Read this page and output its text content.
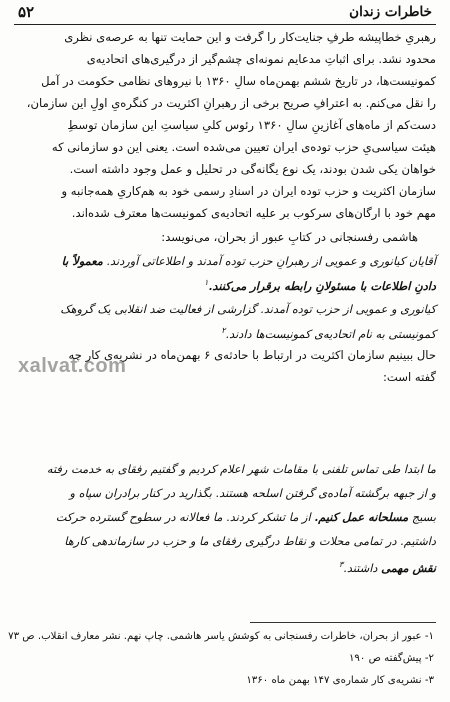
۵۲	خاطرات زندان
رهبریِ خطاپیشه طرفِ جنایت‌کار را گرفت و این حمایت تنها به عرصه‌ی نظری
محدود نشد. برای اثباتِ مدعایم نمونه‌ای چشم‌گیر از درگیری‌های اتحادیه‌ی
کمونیست‌ها، در تاریخ ششم بهمن‌ماه سالِ ۱۳۶۰ با نیروهای نظامی حکومت در آمل
را نقل می‌کنم. به اعترافِ صریح برخی از رهبرانِ اکثریت در کنگره‌یِ اولِ این سازمان،
دست‌کم از ماه‌های آغازینِ سالِ ۱۳۶۰ رئوس کلیِ سیاستِ این سازمان توسطِ
هیئت سیاسی‌یِ حزب توده‌ی ایران تعیین می‌شده است. یعنی این دو سازمانی که
خواهان یکی شدن بودند، یک نوع یگانه‌گی در تحلیل و عمل وجود داشته است.
سازمان اکثریت و حزب توده ایران در اسنادِ رسمی خود به هم‌کاریِ همه‌جانبه و
مهم خود با ارگان‌های سرکوب بر علیه اتحادیه‌ی کمونیست‌ها معترف شده‌اند.
هاشمی رفسنجانی در کتابِ عبور از بحران، می‌نویسد:
آقایان کیانوری و عمویی از رهبرانِ حزب توده آمدند و اطلاعاتی آوردند. معمولاً با
دادنِ اطلاعات با مسئولانِ رابطه برقرار می‌کنند.$^۱$
کیانوری و عمویی از حزب توده آمدند. گزارشی از فعالیت ضد انقلابی یک گروهک
کمونیستی به نام اتحادیه‌ی کمونیست‌ها دادند.$^۲$
حال ببینیم سازمان اکثریت در ارتباط با حادثه‌ی ۶ بهمن‌ماه در نشریه‌ی کار چه
گفته است:
ما ابتدا طی تماس تلفنی با مقامات شهر اعلام کردیم و گفتیم رفقای به خدمت رفته
و از جبهه برگشته آماده‌ی گرفتن اسلحه هستند. بگذارید در کنار برادران سپاه و
بسیج مسلحانه عمل کنیم. از ما تشکر کردند. ما فعالانه در سطوح گسترده حرکت
داشتیم. در تمامی محلات و نقاط درگیری رفقای ما و حزب در سازماندهی کارها
نقش مهمی داشتند.$^۳$
xalvat.com
۱- عبور از بحران، خاطرات رفسنجانی به کوشش یاسر هاشمی. چاپ نهم. نشر معارف انقلاب. ص ۷۳
۲- پیش‌گفته ص ۱۹۰
۳- نشریه‌ی کار شماره‌ی ۱۴۷ بهمن ماه ۱۳۶۰
